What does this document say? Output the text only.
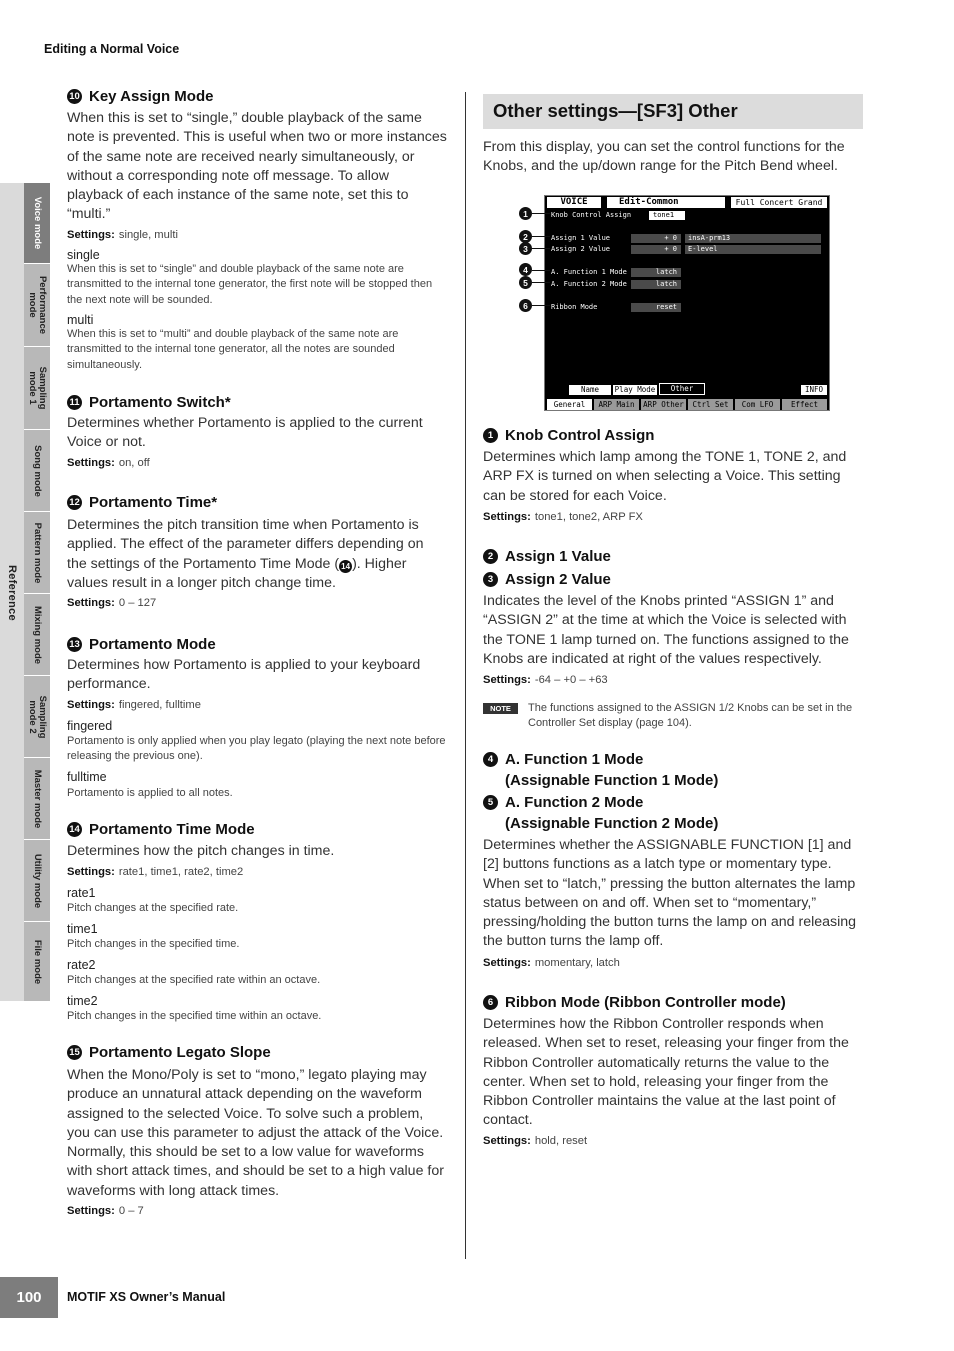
Editing a Normal Voice
Reference
Voice mode
Performance
mode
Sampling
mode 1
Song mode
Pattern mode
Mixing mode
Sampling
mode 2
Master mode
Utility mode
File mode
10 Key Assign Mode

When this is set to “single,” double playback of the same note is prevented. This is useful when two or more instances of the same note are received nearly simultaneously, or without a corresponding note off message. To allow playback of each instance of the same note, set this to “multi.”

Settings: single, multi
single

When this is set to “single” and double playback of the same note are transmitted to the internal tone generator, the first note will be stopped then the next note will be sounded.

multi

When this is set to “multi” and double playback of the same note are transmitted to the internal tone generator, all the notes are sounded simultaneously.

11 Portamento Switch*

Determines whether Portamento is applied to the current Voice or not.

Settings: on, off
12 Portamento Time*

Determines the pitch transition time when Portamento is applied. The effect of the parameter differs depending on the settings of the Portamento Time Mode ( 14 ). Higher values result in a longer pitch change time.

Settings: 0 – 127
13 Portamento Mode

Determines how Portamento is applied to your keyboard performance.

Settings: fingered, fulltime
fingered

Portamento is only applied when you play legato (playing the next note before releasing the previous one).

fulltime

Portamento is applied to all notes.

14 Portamento Time Mode

Determines how the pitch changes in time.

Settings: rate1, time1, rate2, time2
rate1

Pitch changes at the specified rate.

time1

Pitch changes in the specified time.

rate2

Pitch changes at the specified rate within an octave.

time2

Pitch changes in the specified time within an octave.

15 Portamento Legato Slope

When the Mono/Poly is set to “mono,” legato playing may produce an unnatural attack depending on the waveform assigned to the selected Voice. To solve such a problem, you can use this parameter to adjust the attack of the Voice. Normally, this should be set to a low value for waveforms with short attack times, and should be set to a high value for waveforms with long attack times.

Settings: 0 – 7
Other settings—[SF3] Other

From this display, you can set the control functions for the Knobs, and the up/down range for the Pitch Bend wheel.

VOICE	Edit-Common	Full Concert Grand
Knob Control Assign	tone1
Assign 1 Value	+ 0	insA-prm13
Assign 2 Value	+ 0	E-level
A. Function 1 Mode	latch
A. Function 2 Mode	latch
Ribbon Mode	reset
Name	Play Mode	Other	INFO
General	ARP Main	ARP Other	Ctrl Set	Com LFO	Effect
1
2
3
4
5
6
1 Knob Control Assign

Determines which lamp among the TONE 1, TONE 2, and ARP FX is turned on when selecting a Voice. This setting can be stored for each Voice.

Settings: tone1, tone2, ARP FX
2 Assign 1 Value
3 Assign 2 Value

Indicates the level of the Knobs printed “ASSIGN 1” and “ASSIGN 2” at the time at which the Voice is selected with the TONE 1 lamp turned on. The functions assigned to the Knobs are indicated at right of the values respectively.

Settings: -64 – +0 – +63
NOTE	The functions assigned to the ASSIGN 1/2 Knobs can be set in the Controller Set display (page 104).

4 A. Function 1 Mode
(Assignable Function 1 Mode)
5 A. Function 2 Mode
(Assignable Function 2 Mode)

Determines whether the ASSIGNABLE FUNCTION [1] and [2] buttons functions as a latch type or momentary type. When set to “latch,” pressing the button alternates the lamp status between on and off. When set to “momentary,” pressing/holding the button turns the lamp on and releasing the button turns the lamp off.

Settings: momentary, latch
6 Ribbon Mode (Ribbon Controller mode)

Determines how the Ribbon Controller responds when released. When set to reset, releasing your finger from the Ribbon Controller automatically returns the value to the center. When set to hold, releasing your finger from the Ribbon Controller maintains the value at the last point of contact.

Settings: hold, reset
100	MOTIF XS Owner’s Manual
